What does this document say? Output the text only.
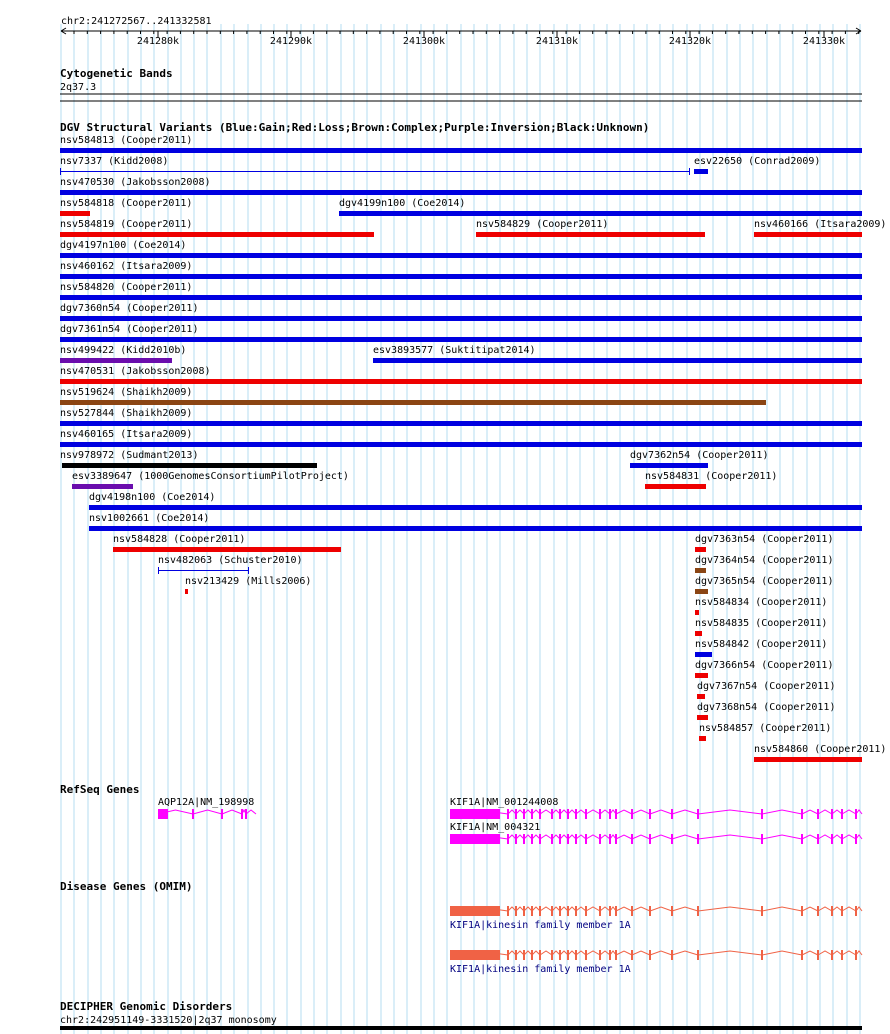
chr2:241272567..241332581
241280k	241290k	241300k	241310k	241320k	241330k
Cytogenetic Bands
2q37.3
DGV Structural Variants (Blue:Gain;Red:Loss;Brown:Complex;Purple:Inversion;Black:Unknown)
nsv584813 (Cooper2011)
nsv7337 (Kidd2008)	esv22650 (Conrad2009)
nsv470530 (Jakobsson2008)
nsv584818 (Cooper2011)	dgv4199n100 (Coe2014)
nsv584819 (Cooper2011)	nsv584829 (Cooper2011)	nsv460166 (Itsara2009)
dgv4197n100 (Coe2014)
nsv460162 (Itsara2009)
nsv584820 (Cooper2011)
dgv7360n54 (Cooper2011)
dgv7361n54 (Cooper2011)
nsv499422 (Kidd2010b)	esv3893577 (Suktitipat2014)
nsv470531 (Jakobsson2008)
nsv519624 (Shaikh2009)
nsv527844 (Shaikh2009)
nsv460165 (Itsara2009)
nsv978972 (Sudmant2013)	dgv7362n54 (Cooper2011)
esv3389647 (1000GenomesConsortiumPilotProject)	nsv584831 (Cooper2011)
dgv4198n100 (Coe2014)
nsv1002661 (Coe2014)
nsv584828 (Cooper2011)
nsv482063 (Schuster2010)
nsv213429 (Mills2006)
dgv7363n54 (Cooper2011)
dgv7364n54 (Cooper2011)
dgv7365n54 (Cooper2011)
nsv584834 (Cooper2011)
nsv584835 (Cooper2011)
nsv584842 (Cooper2011)
dgv7366n54 (Cooper2011)
dgv7367n54 (Cooper2011)
dgv7368n54 (Cooper2011)
nsv584857 (Cooper2011)
nsv584860 (Cooper2011)
RefSeq Genes
AQP12A|NM_198998	KIF1A|NM_001244008
KIF1A|NM_004321
Disease Genes (OMIM)
KIF1A|kinesin family member 1A
KIF1A|kinesin family member 1A
DECIPHER Genomic Disorders
chr2:242951149-3331520|2q37 monosomy
